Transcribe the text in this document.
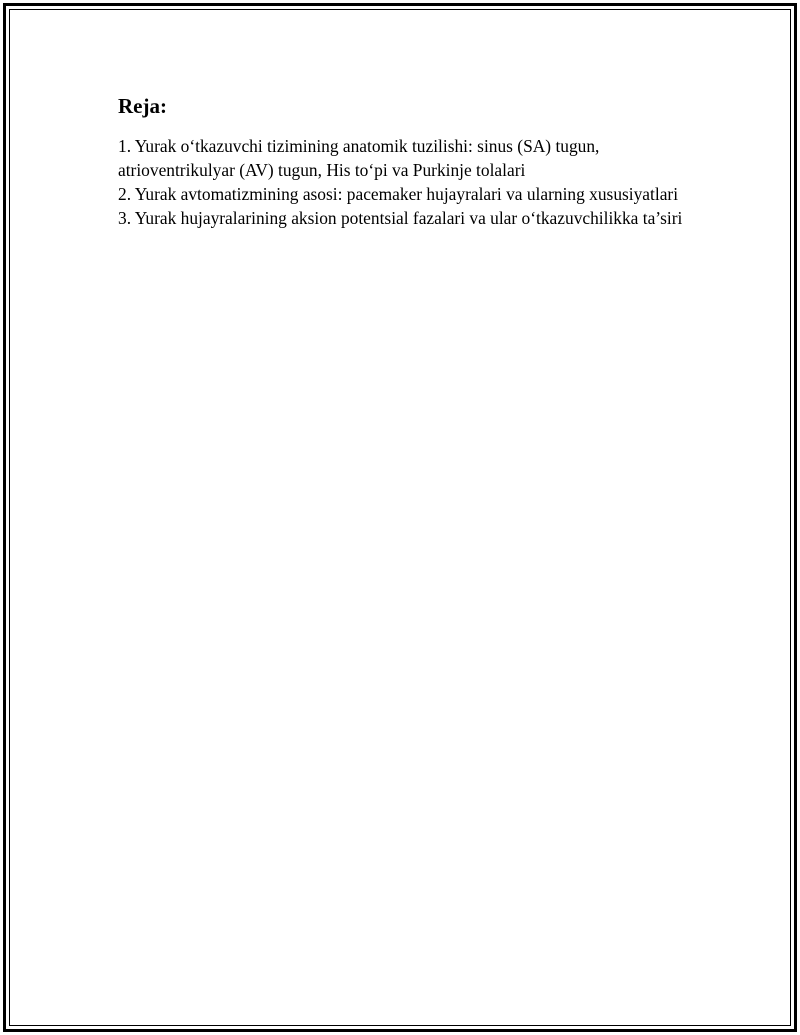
Reja:
1. Yurak o‘tkazuvchi tizimining anatomik tuzilishi: sinus (SA) tugun, atrioventrikulyar (AV) tugun, His to‘pi va Purkinje tolalari
2. Yurak avtomatizmining asosi: pacemaker hujayralari va ularning xususiyatlari
3. Yurak hujayralarining aksion potentsial fazalari va ular o‘tkazuvchilikka ta’siri
